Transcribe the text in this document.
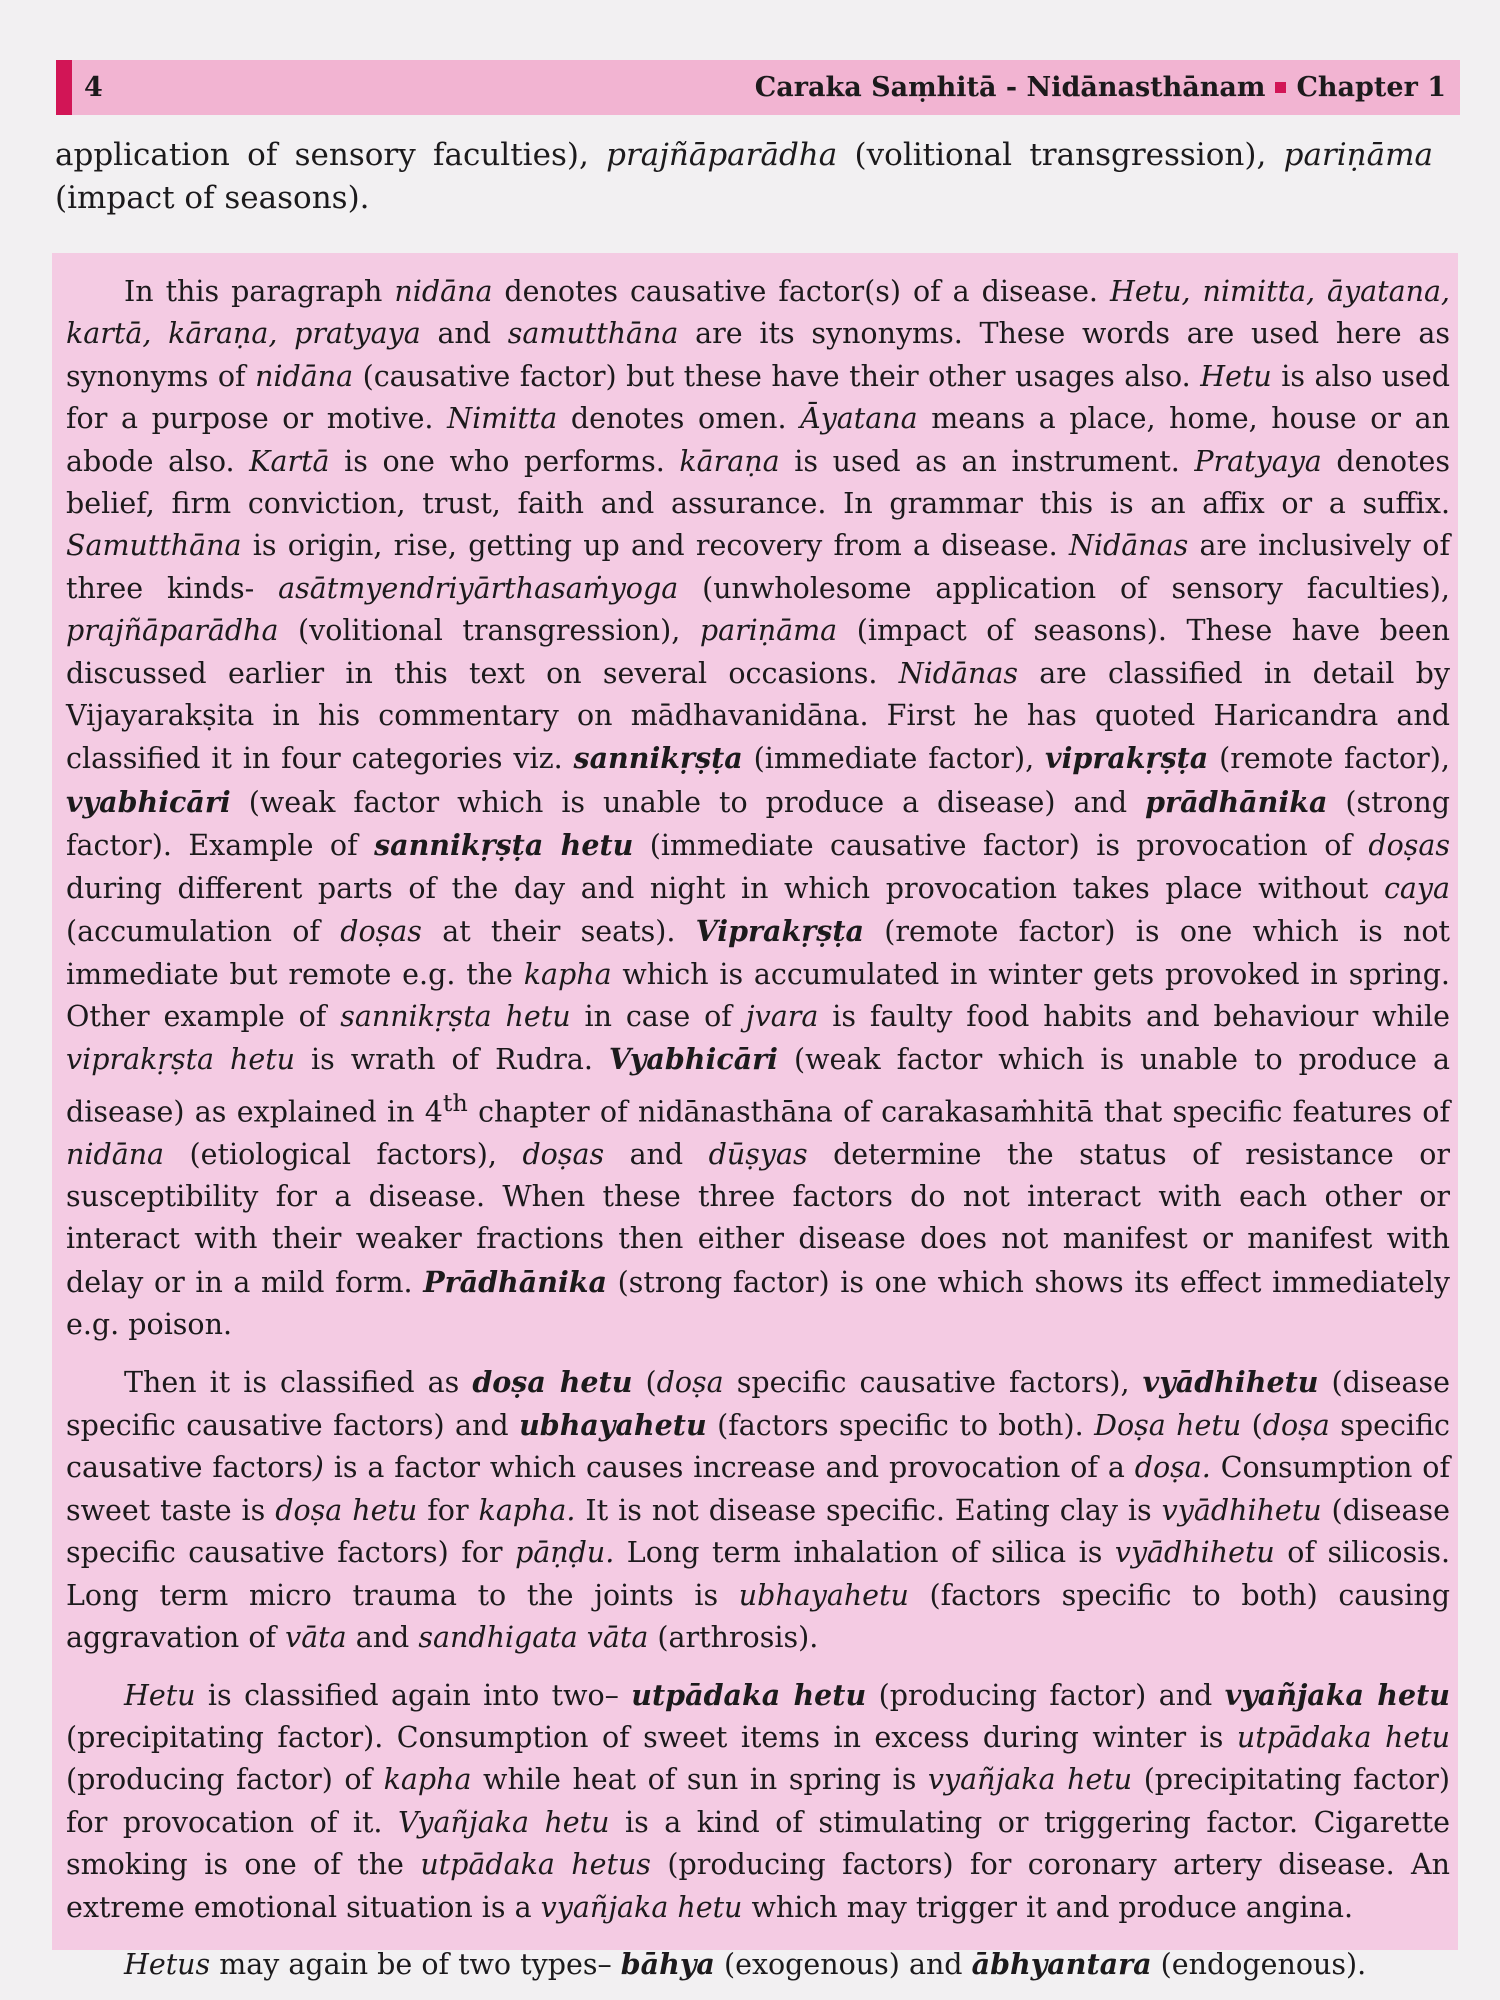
4	Caraka Saṃhitā - Nidānasthānam Chapter 1
application of sensory faculties), prajñāparādha (volitional transgression), pariṇāma (impact of seasons).

In this paragraph nidāna denotes causative factor(s) of a disease. Hetu, nimitta, āyatana, kartā, kāraṇa, pratyaya and samutthāna are its synonyms. These words are used here as synonyms of nidāna (causative factor) but these have their other usages also. Hetu is also used for a purpose or motive. Nimitta denotes omen. Āyatana means a place, home, house or an abode also. Kartā is one who performs. kāraṇa is used as an instrument. Pratyaya denotes belief, firm conviction, trust, faith and assurance. In grammar this is an affix or a suffix. Samutthāna is origin, rise, getting up and recovery from a disease. Nidānas are inclusively of three kinds- asātmyendriyārthasaṁyoga (unwholesome application of sensory faculties), prajñāparādha (volitional transgression), pariṇāma (impact of seasons). These have been discussed earlier in this text on several occasions. Nidānas are classified in detail by Vijayarakṣita in his commentary on mādhavanidāna. First he has quoted Haricandra and classified it in four categories viz. sannikṛṣṭa (immediate factor), viprakṛṣṭa (remote factor), vyabhicāri (weak factor which is unable to produce a disease) and prādhānika (strong factor). Example of sannikṛṣṭa hetu (immediate causative factor) is provocation of doṣas during different parts of the day and night in which provocation takes place without caya (accumulation of doṣas at their seats). Viprakṛṣṭa (remote factor) is one which is not immediate but remote e.g. the kapha which is accumulated in winter gets provoked in spring. Other example of sannikṛṣta hetu in case of jvara is faulty food habits and behaviour while viprakṛṣta hetu is wrath of Rudra. Vyabhicāri (weak factor which is unable to produce a disease) as explained in 4th chapter of nidānasthāna of carakasaṁhitā that specific features of nidāna (etiological factors), doṣas and dūṣyas determine the status of resistance or susceptibility for a disease. When these three factors do not interact with each other or interact with their weaker fractions then either disease does not manifest or manifest with delay or in a mild form. Prādhānika (strong factor) is one which shows its effect immediately e.g. poison.

Then it is classified as doṣa hetu (doṣa specific causative factors), vyādhihetu (disease specific causative factors) and ubhayahetu (factors specific to both). Doṣa hetu (doṣa specific causative factors) is a factor which causes increase and provocation of a doṣa. Consumption of sweet taste is doṣa hetu for kapha. It is not disease specific. Eating clay is vyādhihetu (disease specific causative factors) for pāṇḍu. Long term inhalation of silica is vyādhihetu of silicosis. Long term micro trauma to the joints is ubhayahetu (factors specific to both) causing aggravation of vāta and sandhigata vāta (arthrosis).

Hetu is classified again into two– utpādaka hetu (producing factor) and vyañjaka hetu (precipitating factor). Consumption of sweet items in excess during winter is utpādaka hetu (producing factor) of kapha while heat of sun in spring is vyañjaka hetu (precipitating factor) for provocation of it. Vyañjaka hetu is a kind of stimulating or triggering factor. Cigarette smoking is one of the utpādaka hetus (producing factors) for coronary artery disease. An extreme emotional situation is a vyañjaka hetu which may trigger it and produce angina.

Hetus may again be of two types– bāhya (exogenous) and ābhyantara (endogenous).
